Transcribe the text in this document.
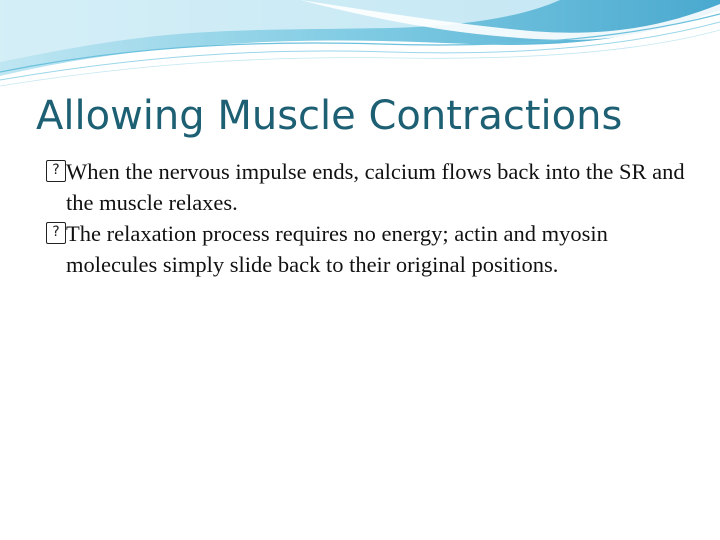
Allowing Muscle Contractions
? When the nervous impulse ends, calcium flows back into the SR and the muscle relaxes.
? The relaxation process requires no energy; actin and myosin molecules simply slide back to their original positions.
